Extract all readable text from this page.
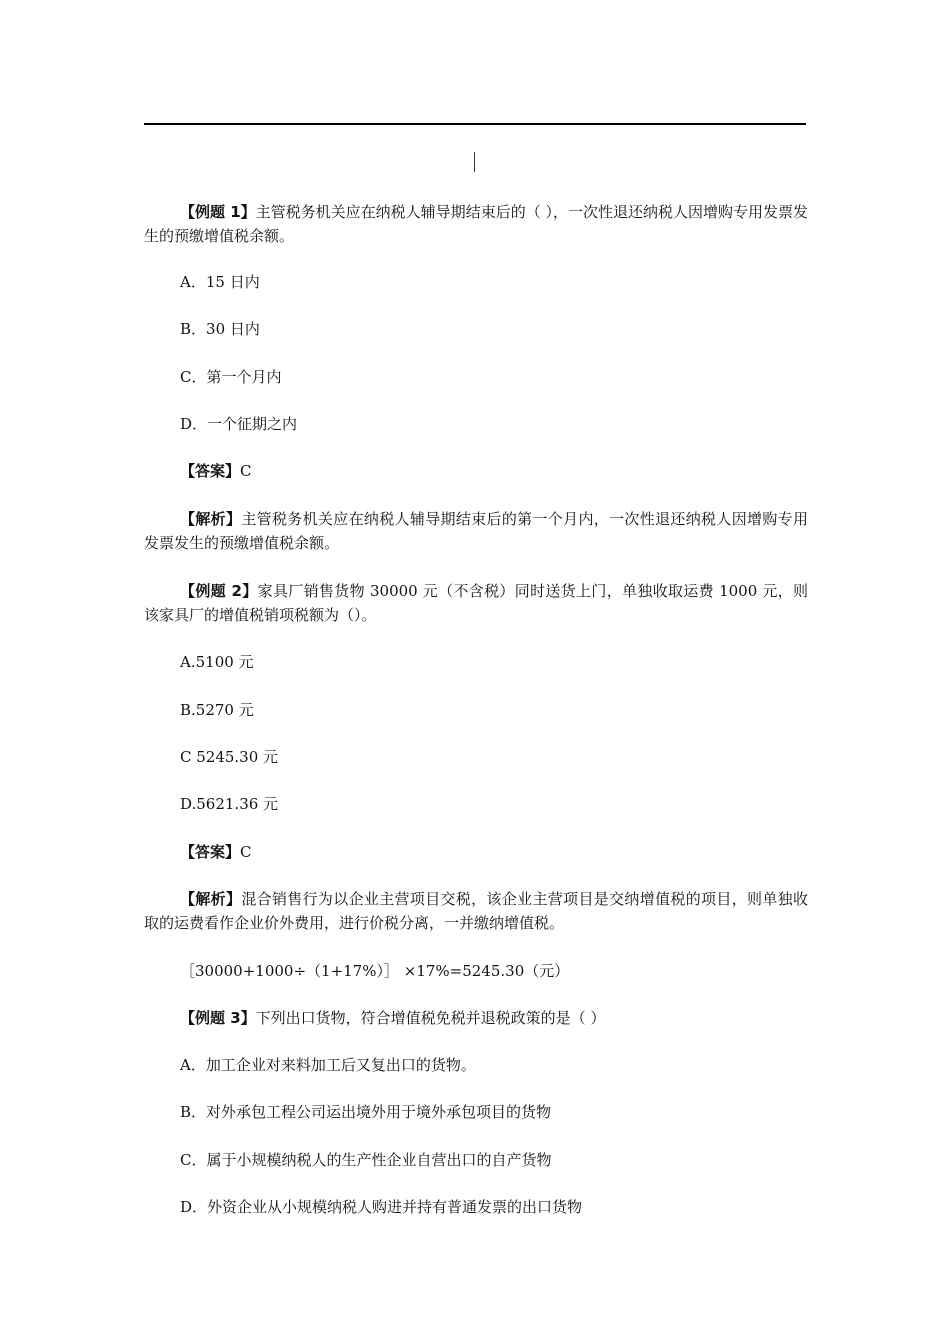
【例题 1】主管税务机关应在纳税人辅导期结束后的（ ），一次性退还纳税人因增购专用发票发生的预缴增值税余额。
A．15 日内
B．30 日内
C．第一个月内
D．一个征期之内
【答案】C
【解析】主管税务机关应在纳税人辅导期结束后的第一个月内，一次性退还纳税人因增购专用发票发生的预缴增值税余额。
【例题 2】家具厂销售货物 30000 元（不含税）同时送货上门，单独收取运费 1000 元，则该家具厂的增值税销项税额为（）。
A.5100 元
B.5270 元
C 5245.30 元
D.5621.36 元
【答案】C
【解析】混合销售行为以企业主营项目交税，该企业主营项目是交纳增值税的项目，则单独收取的运费看作企业价外费用，进行价税分离，一并缴纳增值税。
［30000+1000÷（1+17%）］ ×17%=5245.30（元）
【例题 3】下列出口货物，符合增值税免税并退税政策的是（ ）
A．加工企业对来料加工后又复出口的货物。
B．对外承包工程公司运出境外用于境外承包项目的货物
C．属于小规模纳税人的生产性企业自营出口的自产货物
D．外资企业从小规模纳税人购进并持有普通发票的出口货物
